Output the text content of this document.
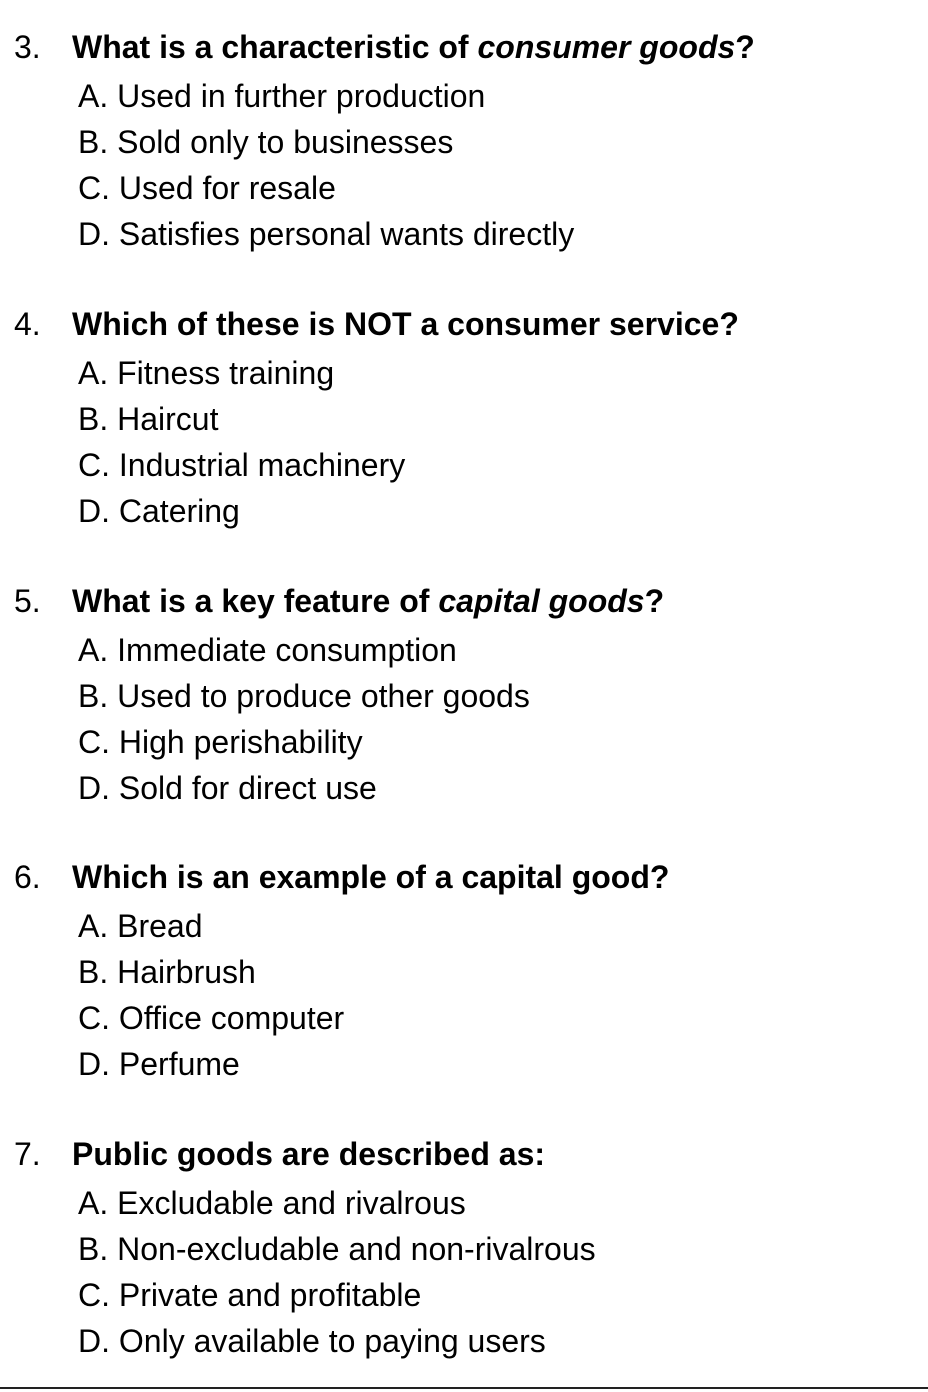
3. What is a characteristic of consumer goods?
A. Used in further production
B. Sold only to businesses
C. Used for resale
D. Satisfies personal wants directly
4. Which of these is NOT a consumer service?
A. Fitness training
B. Haircut
C. Industrial machinery
D. Catering
5. What is a key feature of capital goods?
A. Immediate consumption
B. Used to produce other goods
C. High perishability
D. Sold for direct use
6. Which is an example of a capital good?
A. Bread
B. Hairbrush
C. Office computer
D. Perfume
7. Public goods are described as:
A. Excludable and rivalrous
B. Non-excludable and non-rivalrous
C. Private and profitable
D. Only available to paying users
